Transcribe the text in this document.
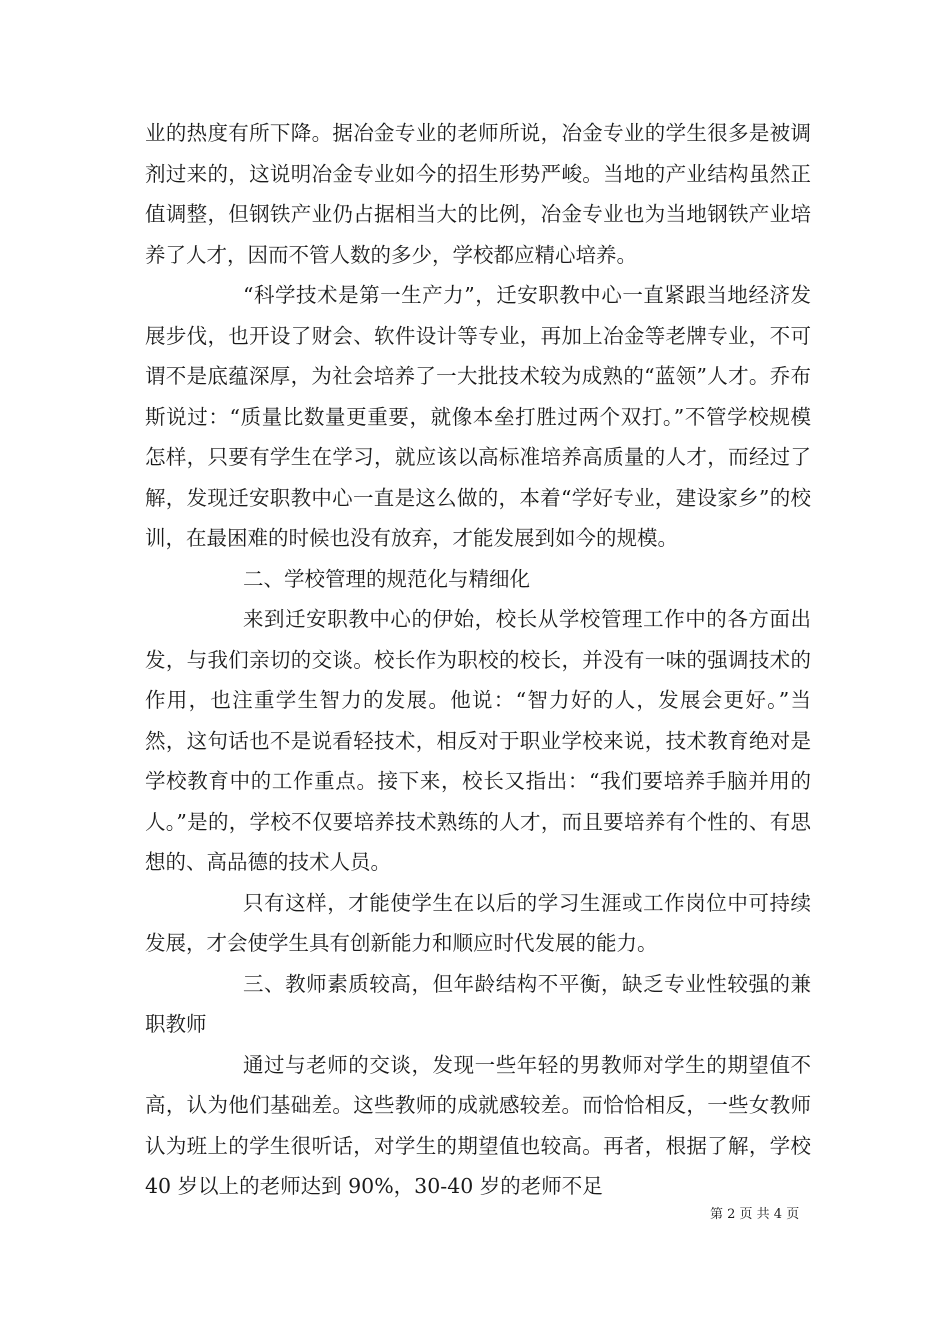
业的热度有所下降。据冶金专业的老师所说，冶金专业的学生很多是被调剂过来的，这说明冶金专业如今的招生形势严峻。当地的产业结构虽然正值调整，但钢铁产业仍占据相当大的比例，冶金专业也为当地钢铁产业培养了人才，因而不管人数的多少，学校都应精心培养。

“科学技术是第一生产力”，迁安职教中心一直紧跟当地经济发展步伐，也开设了财会、软件设计等专业，再加上冶金等老牌专业，不可谓不是底蕴深厚，为社会培养了一大批技术较为成熟的“蓝领”人才。乔布斯说过：“质量比数量更重要，就像本垒打胜过两个双打。”不管学校规模怎样，只要有学生在学习，就应该以高标准培养高质量的人才，而经过了解，发现迁安职教中心一直是这么做的，本着“学好专业，建设家乡”的校训，在最困难的时候也没有放弃，才能发展到如今的规模。

二、学校管理的规范化与精细化

来到迁安职教中心的伊始，校长从学校管理工作中的各方面出发，与我们亲切的交谈。校长作为职校的校长，并没有一味的强调技术的作用，也注重学生智力的发展。他说：“智力好的人，发展会更好。”当然，这句话也不是说看轻技术，相反对于职业学校来说，技术教育绝对是学校教育中的工作重点。接下来，校长又指出：“我们要培养手脑并用的人。”是的，学校不仅要培养技术熟练的人才，而且要培养有个性的、有思想的、高品德的技术人员。

只有这样，才能使学生在以后的学习生涯或工作岗位中可持续发展，才会使学生具有创新能力和顺应时代发展的能力。

三、教师素质较高，但年龄结构不平衡，缺乏专业性较强的兼职教师

通过与老师的交谈，发现一些年轻的男教师对学生的期望值不高，认为他们基础差。这些教师的成就感较差。而恰恰相反，一些女教师认为班上的学生很听话，对学生的期望值也较高。再者，根据了解，学校 40 岁以上的老师达到 90%，30-40 岁的老师不足

第 2 页 共 4 页
